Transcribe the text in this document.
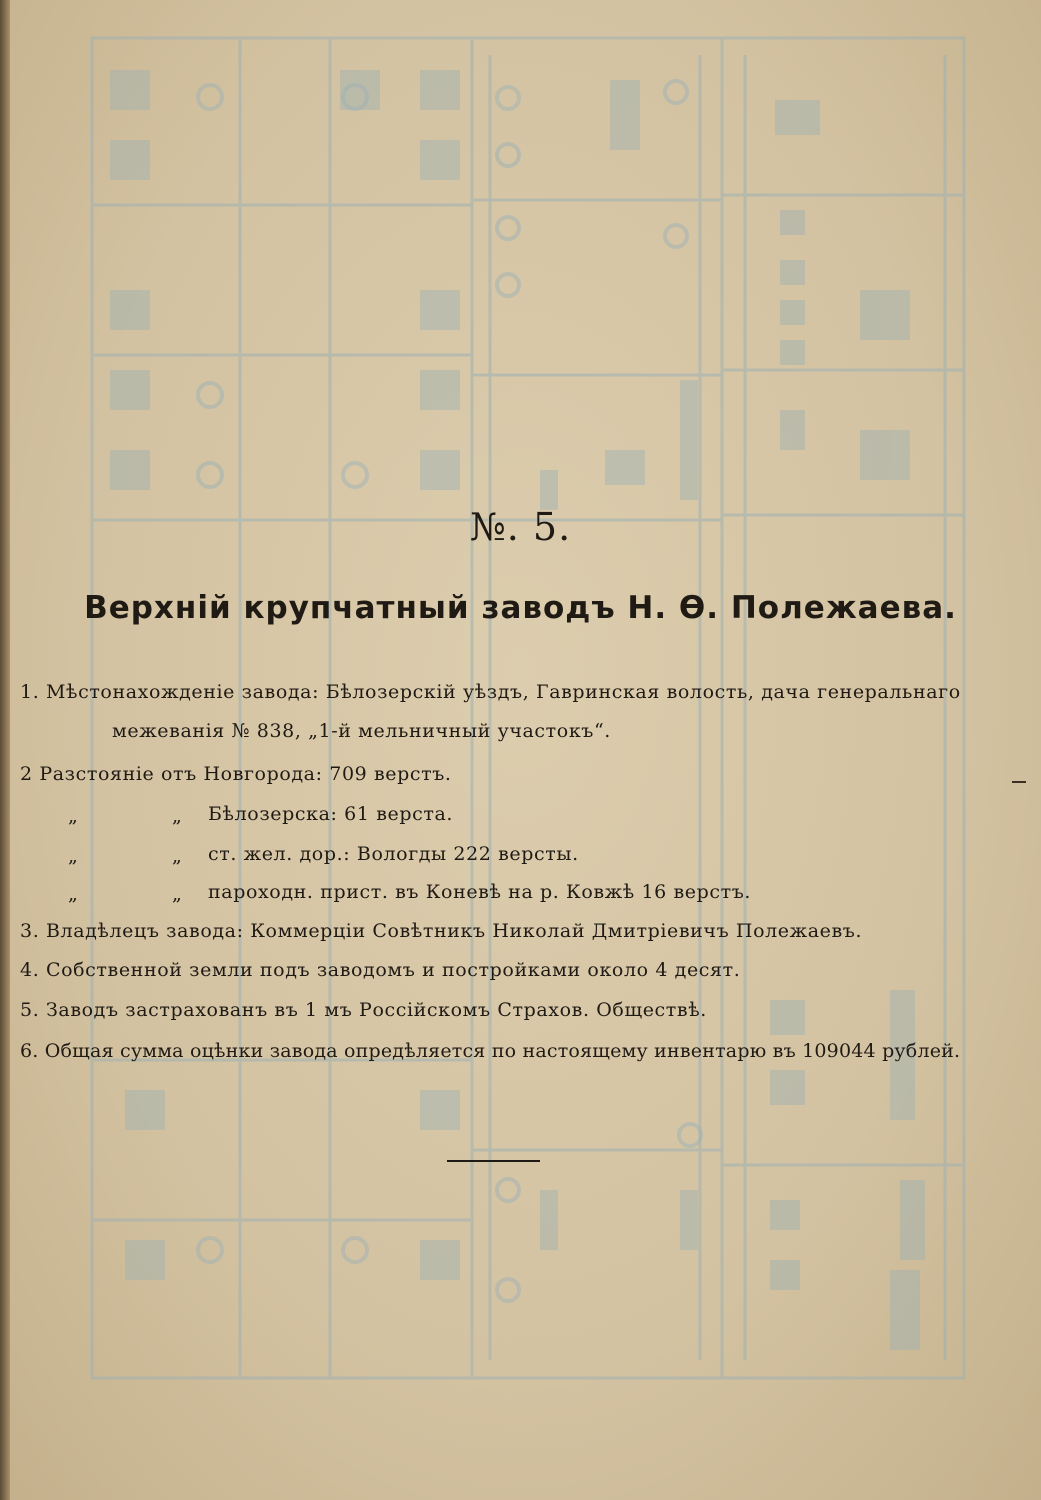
№. 5.
Верхній крупчатный заводъ Н. Ѳ. Полежаева.
1. Мѣстонахожденіе завода: Бѣлозерскій уѣздъ, Гавринская волость, дача генеральнаго
межеванія № 838, „1-й мельничный участокъ“.
2 Разстояніе отъ Новгорода: 709 верстъ.
„	„ Бѣлозерска: 61 верста.
„	„ ст. жел. дор.: Вологды 222 версты.
„	„ пароходн. прист. въ Коневѣ на р. Ковжѣ 16 верстъ.
3. Владѣлецъ завода: Коммерціи Совѣтникъ Николай Дмитріевичъ Полежаевъ.
4. Собственной земли подъ заводомъ и постройками около 4 десят.
5. Заводъ застрахованъ въ 1 мъ Россійскомъ Страхов. Обществѣ.
6. Общая сумма оцѣнки завода опредѣляется по настоящему инвентарю въ 109044 рублей.
